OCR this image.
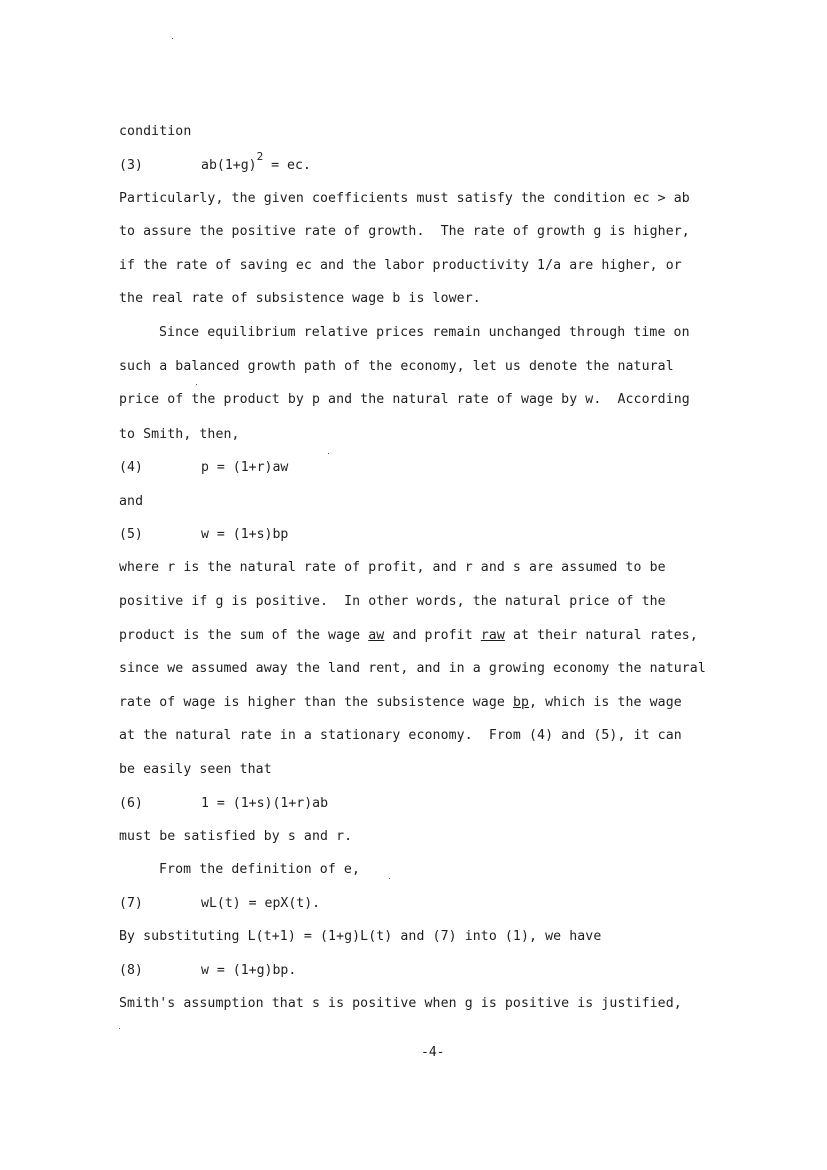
condition

(3)	$ab(1+g)^2$ = ec.

Particularly, the given coefficients must satisfy the condition ec > ab

to assure the positive rate of growth.  The rate of growth g is higher,

if the rate of saving ec and the labor productivity 1/a are higher, or

the real rate of subsistence wage b is lower.

Since equilibrium relative prices remain unchanged through time on

such a balanced growth path of the economy, let us denote the natural

price of the product by p and the natural rate of wage by w.  According

to Smith, then,

(4)	p = (1+r)aw

and

(5)	w = (1+s)bp

where r is the natural rate of profit, and r and s are assumed to be

positive if g is positive.  In other words, the natural price of the

product is the sum of the wage aw and profit raw at their natural rates,

since we assumed away the land rent, and in a growing economy the natural

rate of wage is higher than the subsistence wage bp, which is the wage

at the natural rate in a stationary economy.  From (4) and (5), it can

be easily seen that

(6)	1 = (1+s)(1+r)ab

must be satisfied by s and r.

From the definition of e,

(7)	wL(t) = epX(t).

By substituting L(t+1) = (1+g)L(t) and (7) into (1), we have

(8)	w = (1+g)bp.

Smith's assumption that s is positive when g is positive is justified,

-4-
